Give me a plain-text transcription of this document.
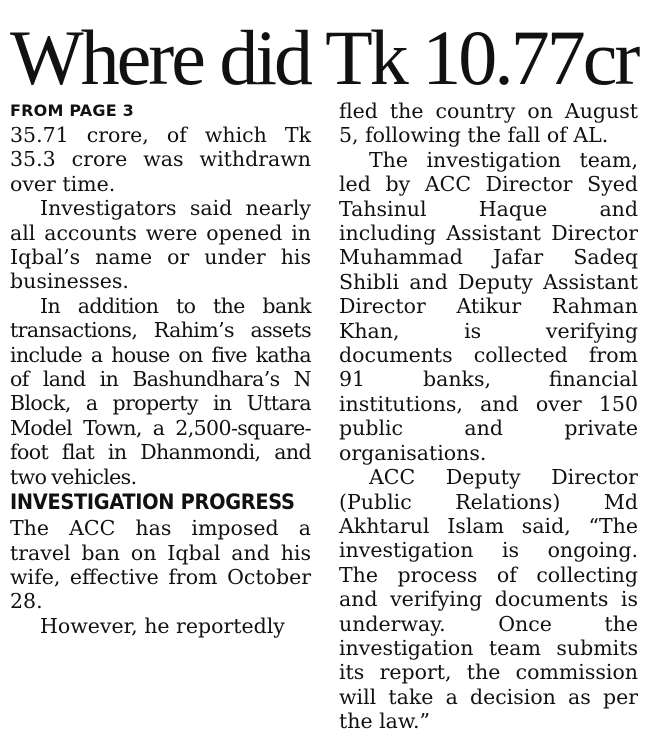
Where did Tk 10.77cr
FROM PAGE 3

35.71 crore, of which Tk 35.3 crore was withdrawn over time.

Investigators said nearly all accounts were opened in Iqbal’s name or under his businesses.

In addition to the bank transactions, Rahim’s assets include a house on five katha of land in Bashundhara’s N Block, a property in Uttara Model Town, a 2,500-square-foot flat in Dhanmondi, and two vehicles.

INVESTIGATION PROGRESS

The ACC has imposed a travel ban on Iqbal and his wife, effective from October 28.

However, he reportedly

fled the country on August 5, following the fall of AL.

The investigation team, led by ACC Director Syed Tahsinul Haque and including Assistant Director Muhammad Jafar Sadeq Shibli and Deputy Assistant Director Atikur Rahman Khan, is verifying documents collected from 91 banks, financial institutions, and over 150 public and private organisations.

ACC Deputy Director (Public Relations) Md Akhtarul Islam said, “The investigation is ongoing. The process of collecting and verifying documents is underway. Once the investigation team submits its report, the commission will take a decision as per the law.”
